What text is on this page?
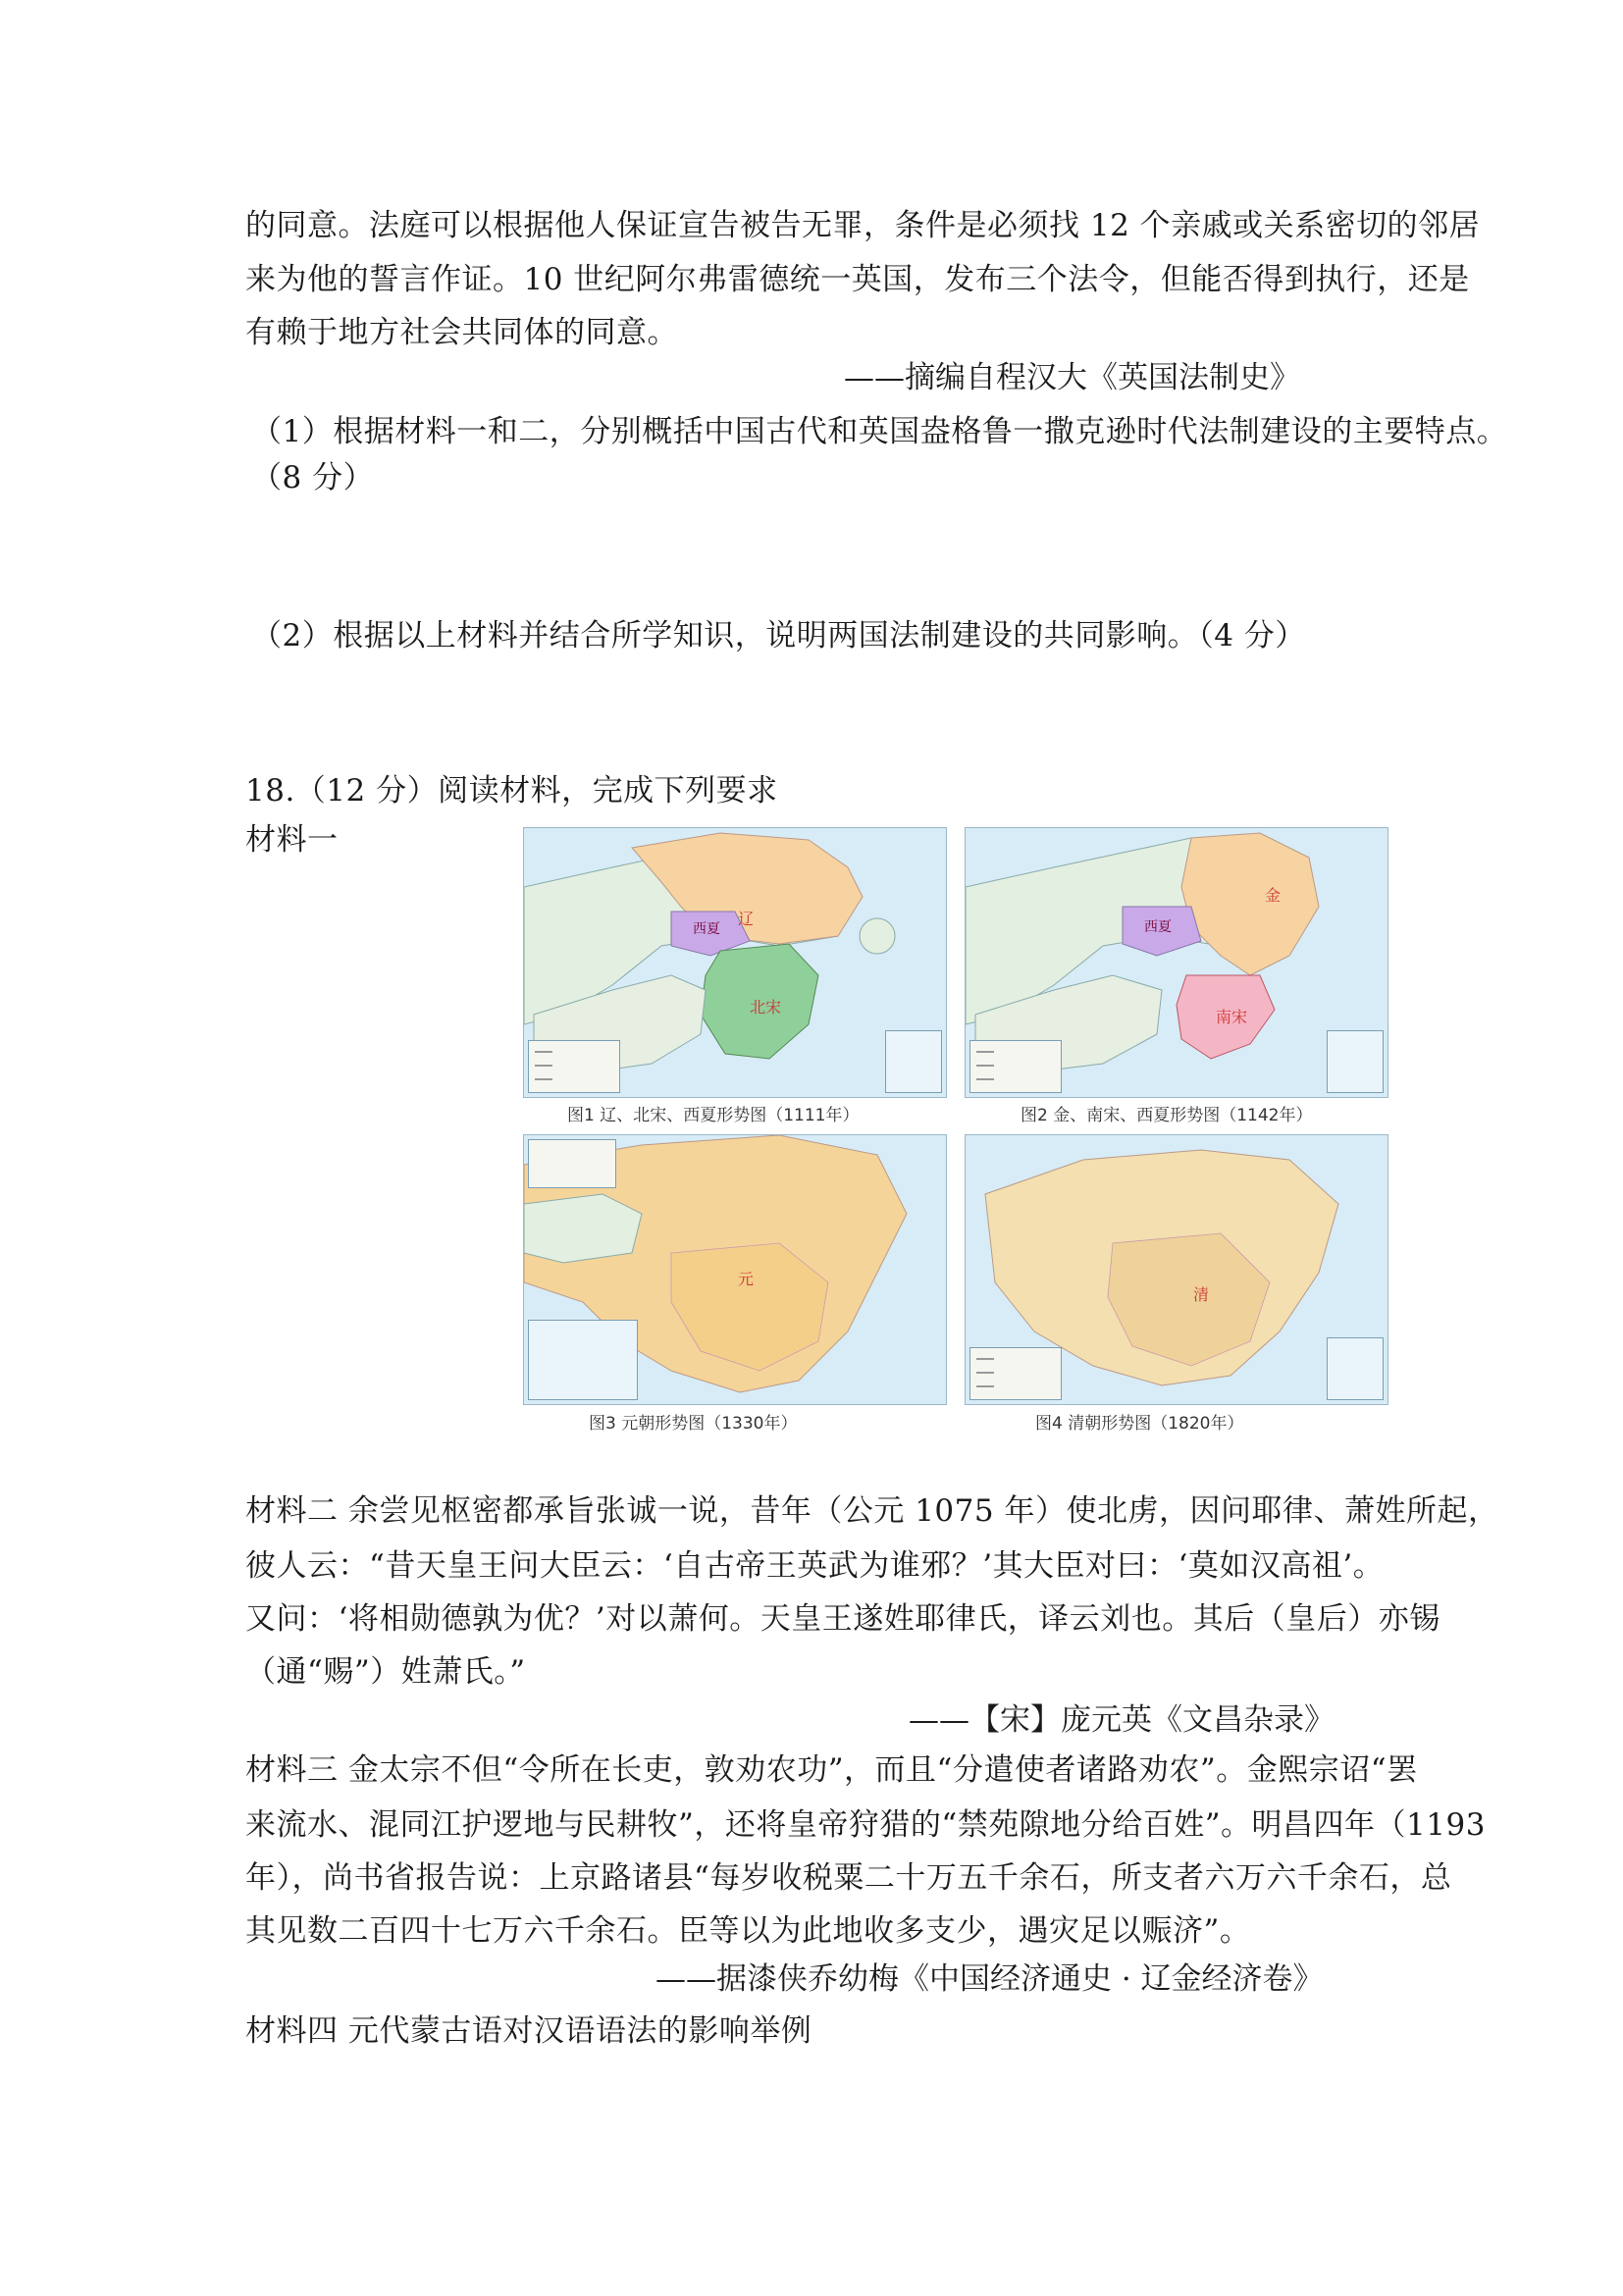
的同意。法庭可以根据他人保证宣告被告无罪，条件是必须找 12 个亲戚或关系密切的邻居
来为他的誓言作证。10 世纪阿尔弗雷德统一英国，发布三个法令，但能否得到执行，还是
有赖于地方社会共同体的同意。
——摘编自程汉大《英国法制史》
（1）根据材料一和二，分别概括中国古代和英国盎格鲁一撒克逊时代法制建设的主要特点。
（8 分）
（2）根据以上材料并结合所学知识，说明两国法制建设的共同影响。（4 分）
18.（12 分）阅读材料，完成下列要求
材料一
辽
西夏
北宋
图1 辽、北宋、西夏形势图（1111年）
金
西夏
南宋
图2 金、南宋、西夏形势图（1142年）
元
图3 元朝形势图（1330年）
清
图4 清朝形势图（1820年）
材料二 余尝见枢密都承旨张诚一说，昔年（公元 1075 年）使北虏，因问耶律、萧姓所起，
彼人云：“昔天皇王问大臣云：‘自古帝王英武为谁邪？’其大臣对曰：‘莫如汉高祖’。
又问：‘将相勋德孰为优？’对以萧何。天皇王遂姓耶律氏，译云刘也。其后（皇后）亦锡
（通“赐”）姓萧氏。”
——【宋】庞元英《文昌杂录》
材料三 金太宗不但“令所在长吏，敦劝农功”，而且“分遣使者诸路劝农”。金熙宗诏“罢
来流水、混同江护逻地与民耕牧”，还将皇帝狩猎的“禁苑隙地分给百姓”。明昌四年（1193
年），尚书省报告说：上京路诸县“每岁收税粟二十万五千余石，所支者六万六千余石，总
其见数二百四十七万六千余石。臣等以为此地收多支少，遇灾足以赈济”。
——据漆侠乔幼梅《中国经济通史 · 辽金经济卷》
材料四 元代蒙古语对汉语语法的影响举例
